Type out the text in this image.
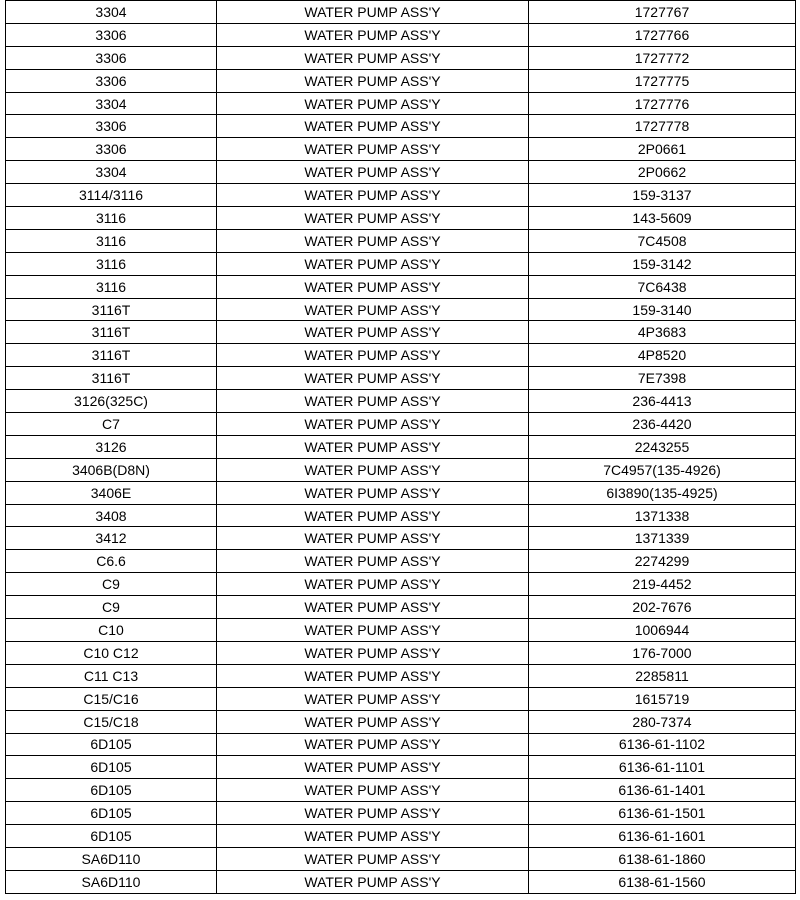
3304	WATER PUMP ASS'Y	1727767
3306	WATER PUMP ASS'Y	1727766
3306	WATER PUMP ASS'Y	1727772
3306	WATER PUMP ASS'Y	1727775
3304	WATER PUMP ASS'Y	1727776
3306	WATER PUMP ASS'Y	1727778
3306	WATER PUMP ASS'Y	2P0661
3304	WATER PUMP ASS'Y	2P0662
3114/3116	WATER PUMP ASS'Y	159-3137
3116	WATER PUMP ASS'Y	143-5609
3116	WATER PUMP ASS'Y	7C4508
3116	WATER PUMP ASS'Y	159-3142
3116	WATER PUMP ASS'Y	7C6438
3116T	WATER PUMP ASS'Y	159-3140
3116T	WATER PUMP ASS'Y	4P3683
3116T	WATER PUMP ASS'Y	4P8520
3116T	WATER PUMP ASS'Y	7E7398
3126(325C)	WATER PUMP ASS'Y	236-4413
C7	WATER PUMP ASS'Y	236-4420
3126	WATER PUMP ASS'Y	2243255
3406B(D8N)	WATER PUMP ASS'Y	7C4957(135-4926)
3406E	WATER PUMP ASS'Y	6I3890(135-4925)
3408	WATER PUMP ASS'Y	1371338
3412	WATER PUMP ASS'Y	1371339
C6.6	WATER PUMP ASS'Y	2274299
C9	WATER PUMP ASS'Y	219-4452
C9	WATER PUMP ASS'Y	202-7676
C10	WATER PUMP ASS'Y	1006944
C10 C12	WATER PUMP ASS'Y	176-7000
C11 C13	WATER PUMP ASS'Y	2285811
C15/C16	WATER PUMP ASS'Y	1615719
C15/C18	WATER PUMP ASS'Y	280-7374
6D105	WATER PUMP ASS'Y	6136-61-1102
6D105	WATER PUMP ASS'Y	6136-61-1101
6D105	WATER PUMP ASS'Y	6136-61-1401
6D105	WATER PUMP ASS'Y	6136-61-1501
6D105	WATER PUMP ASS'Y	6136-61-1601
SA6D110	WATER PUMP ASS'Y	6138-61-1860
SA6D110	WATER PUMP ASS'Y	6138-61-1560
